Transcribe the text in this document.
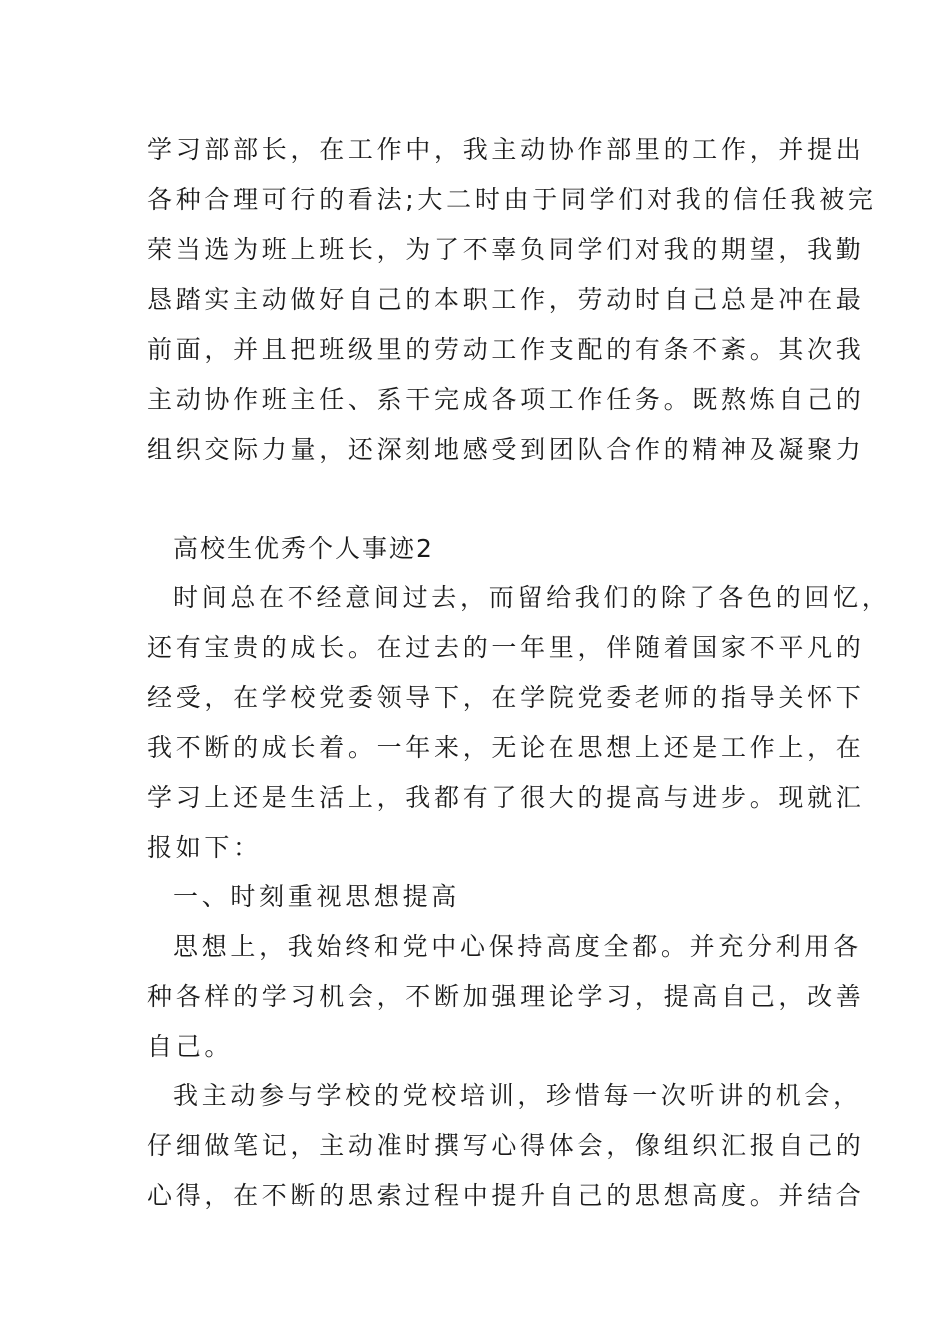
学习部部长，在工作中，我主动协作部里的工作，并提出
各种合理可行的看法;大二时由于同学们对我的信任我被完
荣当选为班上班长，为了不辜负同学们对我的期望，我勤
恳踏实主动做好自己的本职工作，劳动时自己总是冲在最
前面，并且把班级里的劳动工作支配的有条不紊。其次我
主动协作班主任、系干完成各项工作任务。既熬炼自己的
组织交际力量，还深刻地感受到团队合作的精神及凝聚力
高校生优秀个人事迹2
时间总在不经意间过去，而留给我们的除了各色的回忆，
还有宝贵的成长。在过去的一年里，伴随着国家不平凡的
经受，在学校党委领导下，在学院党委老师的指导关怀下
我不断的成长着。一年来，无论在思想上还是工作上，在
学习上还是生活上，我都有了很大的提高与进步。现就汇
报如下：
一、时刻重视思想提高
思想上，我始终和党中心保持高度全都。并充分利用各
种各样的学习机会，不断加强理论学习，提高自己，改善
自己。
我主动参与学校的党校培训，珍惜每一次听讲的机会，
仔细做笔记，主动准时撰写心得体会，像组织汇报自己的
心得，在不断的思索过程中提升自己的思想高度。并结合
